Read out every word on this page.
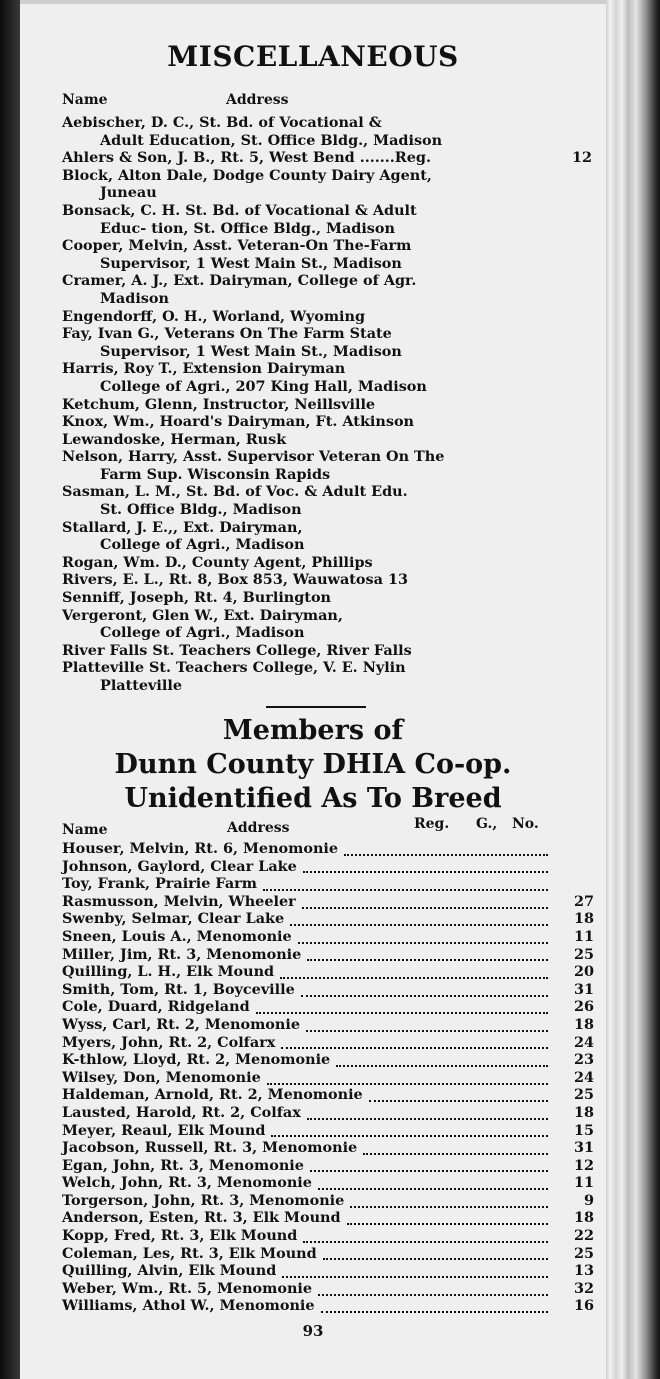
MISCELLANEOUS
Name	Address
Aebischer, D. C., St. Bd. of Vocational &
Adult Education, St. Office Bldg., Madison
Ahlers & Son, J. B., Rt. 5, West Bend .......Reg.	12
Block, Alton Dale, Dodge County Dairy Agent,
Juneau
Bonsack, C. H. St. Bd. of Vocational & Adult
Educ- tion, St. Office Bldg., Madison
Cooper, Melvin, Asst. Veteran-On The-Farm
Supervisor, 1 West Main St., Madison
Cramer, A. J., Ext. Dairyman, College of Agr.
Madison
Engendorff, O. H., Worland, Wyoming
Fay, Ivan G., Veterans On The Farm State
Supervisor, 1 West Main St., Madison
Harris, Roy T., Extension Dairyman
College of Agri., 207 King Hall, Madison
Ketchum, Glenn, Instructor, Neillsville
Knox, Wm., Hoard's Dairyman, Ft. Atkinson
Lewandoske, Herman, Rusk
Nelson, Harry, Asst. Supervisor Veteran On The
Farm Sup. Wisconsin Rapids
Sasman, L. M., St. Bd. of Voc. & Adult Edu.
St. Office Bldg., Madison
Stallard, J. E.,, Ext. Dairyman,
College of Agri., Madison
Rogan, Wm. D., County Agent, Phillips
Rivers, E. L., Rt. 8, Box 853, Wauwatosa 13
Senniff, Joseph, Rt. 4, Burlington
Vergeront, Glen W., Ext. Dairyman,
College of Agri., Madison
River Falls St. Teachers College, River Falls
Platteville St. Teachers College, V. E. Nylin
Platteville
Members of
Dunn County DHIA Co-op.
Unidentified As To Breed
Name	Address	Reg. G., No.
Houser, Melvin, Rt. 6, Menomonie
Johnson, Gaylord, Clear Lake
Toy, Frank, Prairie Farm
Rasmusson, Melvin, Wheeler	27
Swenby, Selmar, Clear Lake	18
Sneen, Louis A., Menomonie	11
Miller, Jim, Rt. 3, Menomonie	25
Quilling, L. H., Elk Mound	20
Smith, Tom, Rt. 1, Boyceville	31
Cole, Duard, Ridgeland	26
Wyss, Carl, Rt. 2, Menomonie	18
Myers, John, Rt. 2, Colfarx	24
K-thlow, Lloyd, Rt. 2, Menomonie	23
Wilsey, Don, Menomonie	24
Haldeman, Arnold, Rt. 2, Menomonie	25
Lausted, Harold, Rt. 2, Colfax	18
Meyer, Reaul, Elk Mound	15
Jacobson, Russell, Rt. 3, Menomonie	31
Egan, John, Rt. 3, Menomonie	12
Welch, John, Rt. 3, Menomonie	11
Torgerson, John, Rt. 3, Menomonie	9
Anderson, Esten, Rt. 3, Elk Mound	18
Kopp, Fred, Rt. 3, Elk Mound	22
Coleman, Les, Rt. 3, Elk Mound	25
Quilling, Alvin, Elk Mound	13
Weber, Wm., Rt. 5, Menomonie	32
Williams, Athol W., Menomonie	16
93
